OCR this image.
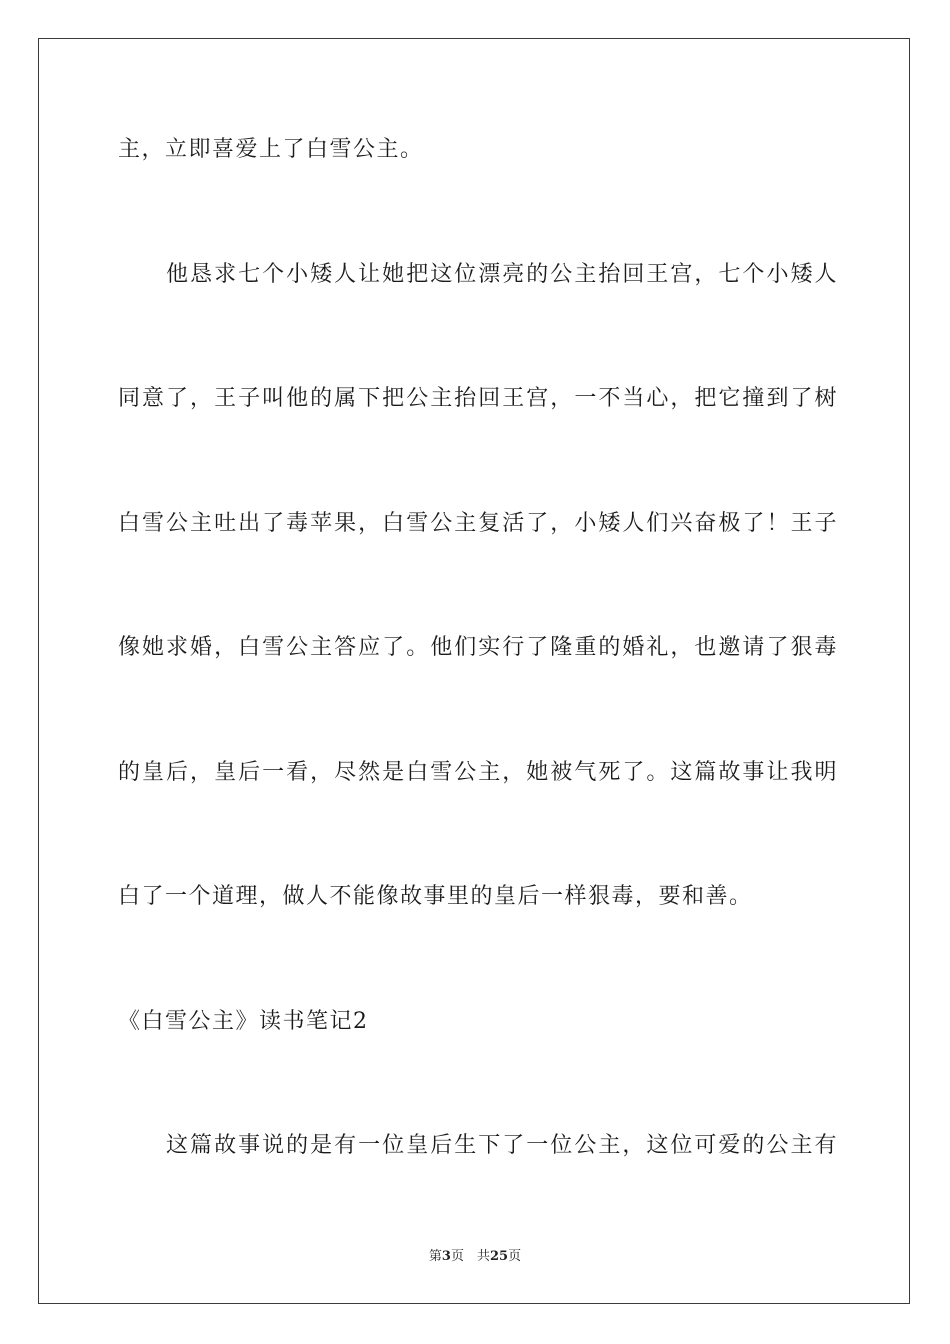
主，立即喜爱上了白雪公主。
　　他恳求七个小矮人让她把这位漂亮的公主抬回王宫，七个小矮人
同意了，王子叫他的属下把公主抬回王宫，一不当心，把它撞到了树
白雪公主吐出了毒苹果，白雪公主复活了，小矮人们兴奋极了！王子
像她求婚，白雪公主答应了。他们实行了隆重的婚礼，也邀请了狠毒
的皇后，皇后一看，尽然是白雪公主，她被气死了。这篇故事让我明
白了一个道理，做人不能像故事里的皇后一样狠毒，要和善。
《白雪公主》读书笔记2
　　这篇故事说的是有一位皇后生下了一位公主，这位可爱的公主有
第3页　共25页
